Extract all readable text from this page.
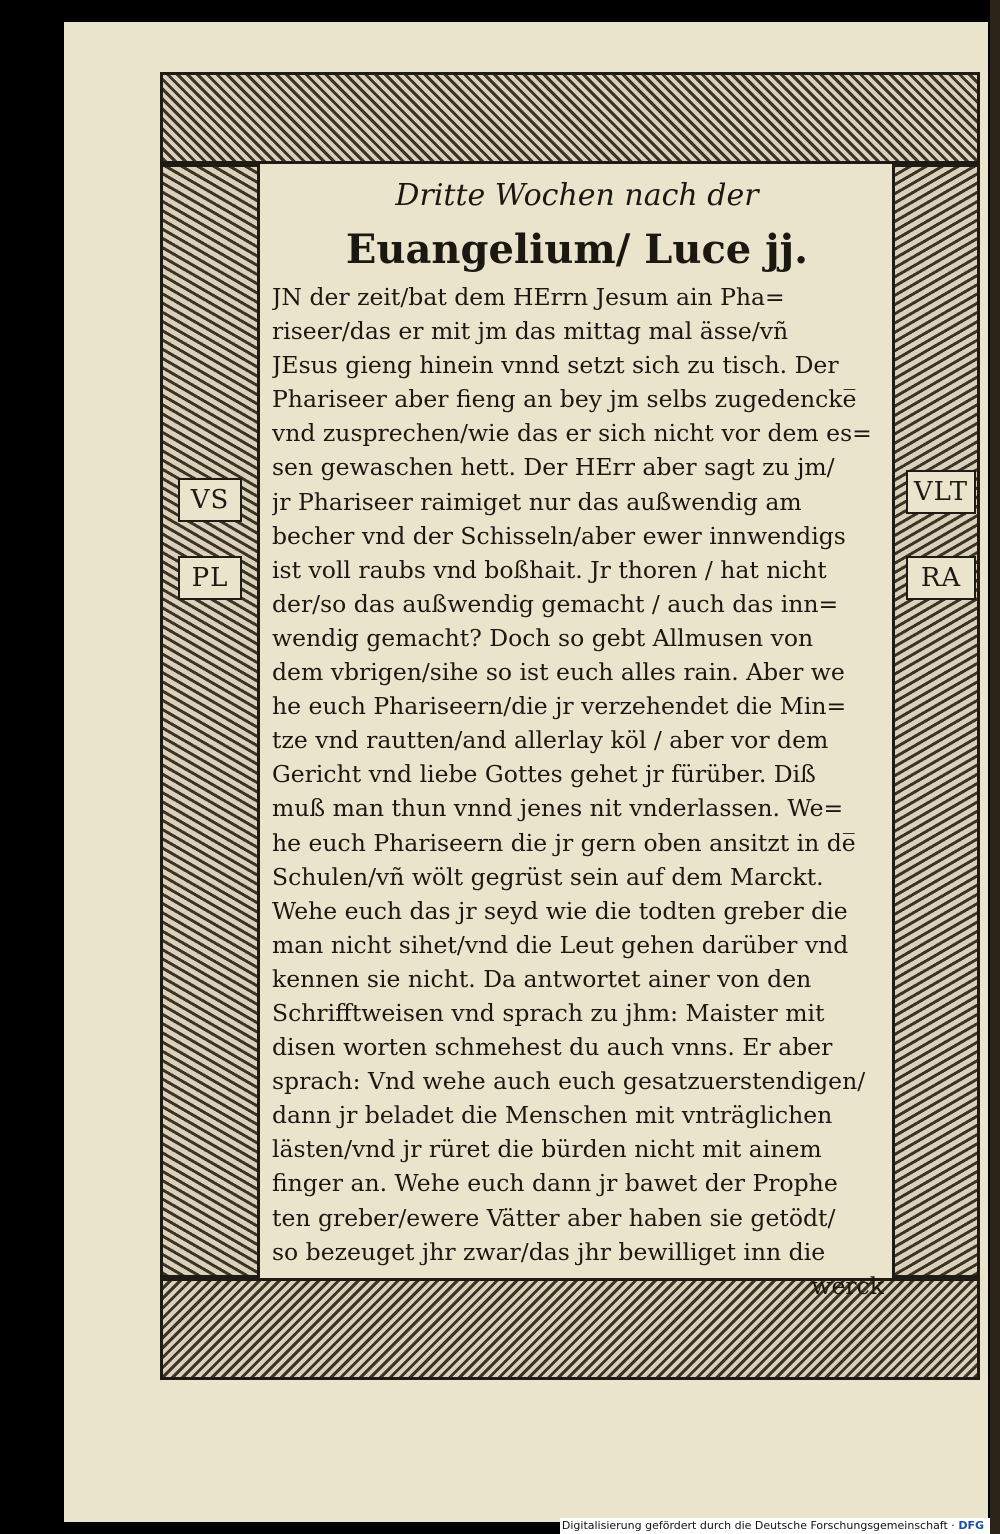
VS
PL
VLT
RA
Dritte Wochen nach der
Euangelium/ Luce jj.
JN der zeit/bat dem HErrn Jesum ain Pha=
riseer/das er mit jm das mittag mal ässe/vñ
JEsus gieng hinein vnnd setzt sich zu tisch. Der
Phariseer aber fieng an bey jm selbs zugedencke̅
vnd zusprechen/wie das er sich nicht vor dem es=
sen gewaschen hett. Der HErr aber sagt zu jm/
jr Phariseer raimiget nur das außwendig am
becher vnd der Schisseln/aber ewer innwendigs
ist voll raubs vnd boßhait. Jr thoren / hat nicht
der/so das außwendig gemacht / auch das inn=
wendig gemacht? Doch so gebt Allmusen von
dem vbrigen/sihe so ist euch alles rain. Aber we
he euch Phariseern/die jr verzehendet die Min=
tze vnd rautten/and allerlay köl / aber vor dem
Gericht vnd liebe Gottes gehet jr fürüber. Diß
muß man thun vnnd jenes nit vnderlassen. We=
he euch Phariseern die jr gern oben ansitzt in de̅
Schulen/vñ wölt gegrüst sein auf dem Marckt.
Wehe euch das jr seyd wie die todten greber die
man nicht sihet/vnd die Leut gehen darüber vnd
kennen sie nicht. Da antwortet ainer von den
Schrifftweisen vnd sprach zu jhm: Maister mit
disen worten schmehest du auch vnns. Er aber
sprach: Vnd wehe auch euch gesatzuerstendigen/
dann jr beladet die Menschen mit vnträglichen
lästen/vnd jr rüret die bürden nicht mit ainem
finger an. Wehe euch dann jr bawet der Prophe
ten greber/ewere Vätter aber haben sie getödt/
so bezeuget jhr zwar/das jhr bewilliget inn die
werck
Digitalisierung gefördert durch die Deutsche Forschungsgemeinschaft · DFG
